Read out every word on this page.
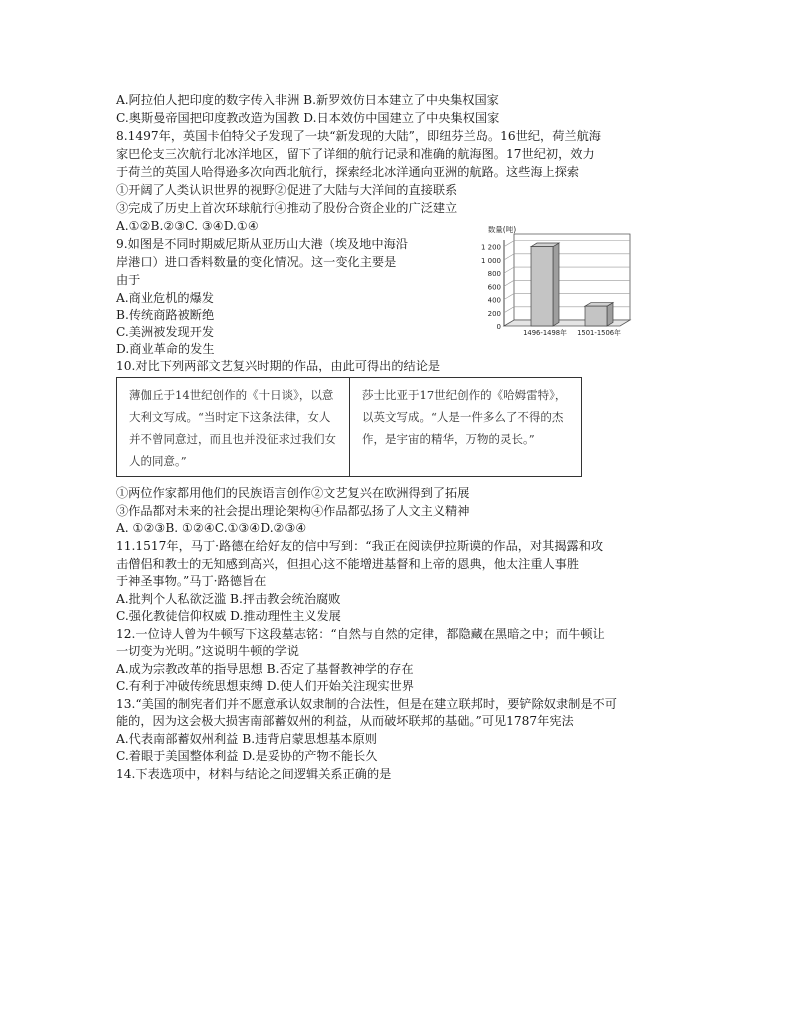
A.阿拉伯人把印度的数字传入非洲 B.新罗效仿日本建立了中央集权国家
C.奥斯曼帝国把印度教改造为国教 D.日本效仿中国建立了中央集权国家
8.1497年，英国卡伯特父子发现了一块“新发现的大陆”，即纽芬兰岛。16世纪，荷兰航海
家巴伦支三次航行北冰洋地区，留下了详细的航行记录和准确的航海图。17世纪初，效力
于荷兰的英国人哈得逊多次向西北航行，探索经北冰洋通向亚洲的航路。这些海上探索
①开阔了人类认识世界的视野②促进了大陆与大洋间的直接联系
③完成了历史上首次环球航行④推动了股份合资企业的广泛建立
A.①②B.②③C. ③④D.①④
9.如图是不同时期威尼斯从亚历山大港（埃及地中海沿
岸港口）进口香料数量的变化情况。这一变化主要是
由于
A.商业危机的爆发
B.传统商路被断绝
C.美洲被发现开发
D.商业革命的发生
10.对比下列两部文艺复兴时期的作品，由此可得出的结论是
薄伽丘于14世纪创作的《十日谈》，以意大利文写成。“当时定下这条法律，女人并不曾同意过，而且也并没征求过我们女人的同意。”
莎士比亚于17世纪创作的《哈姆雷特》，以英文写成。“人是一件多么了不得的杰作，是宇宙的精华，万物的灵长。”
①两位作家都用他们的民族语言创作②文艺复兴在欧洲得到了拓展
③作品都对未来的社会提出理论架构④作品都弘扬了人文主义精神
A. ①②③B. ①②④C.①③④D.②③④
11.1517年，马丁·路德在给好友的信中写到：“我正在阅读伊拉斯谟的作品，对其揭露和攻
击僧侣和教士的无知感到高兴，但担心这不能增进基督和上帝的恩典，他太注重人事胜
于神圣事物。”马丁·路德旨在
A.批判个人私欲泛滥 B.抨击教会统治腐败
C.强化教徒信仰权威 D.推动理性主义发展
12.一位诗人曾为牛顿写下这段墓志铭：“自然与自然的定律，都隐藏在黑暗之中；而牛顿让
一切变为光明。”这说明牛顿的学说
A.成为宗教改革的指导思想 B.否定了基督教神学的存在
C.有利于冲破传统思想束缚 D.使人们开始关注现实世界
13.“美国的制宪者们并不愿意承认奴隶制的合法性，但是在建立联邦时，要铲除奴隶制是不可
能的，因为这会极大损害南部蓄奴州的利益，从而破坏联邦的基础。”可见1787年宪法
A.代表南部蓄奴州利益 B.违背启蒙思想基本原则
C.着眼于美国整体利益 D.是妥协的产物不能长久
14.下表选项中，材料与结论之间逻辑关系正确的是
1 200
1 000
800
600
400
200
0
数量(吨)
1496-1498年 1501-1506年
